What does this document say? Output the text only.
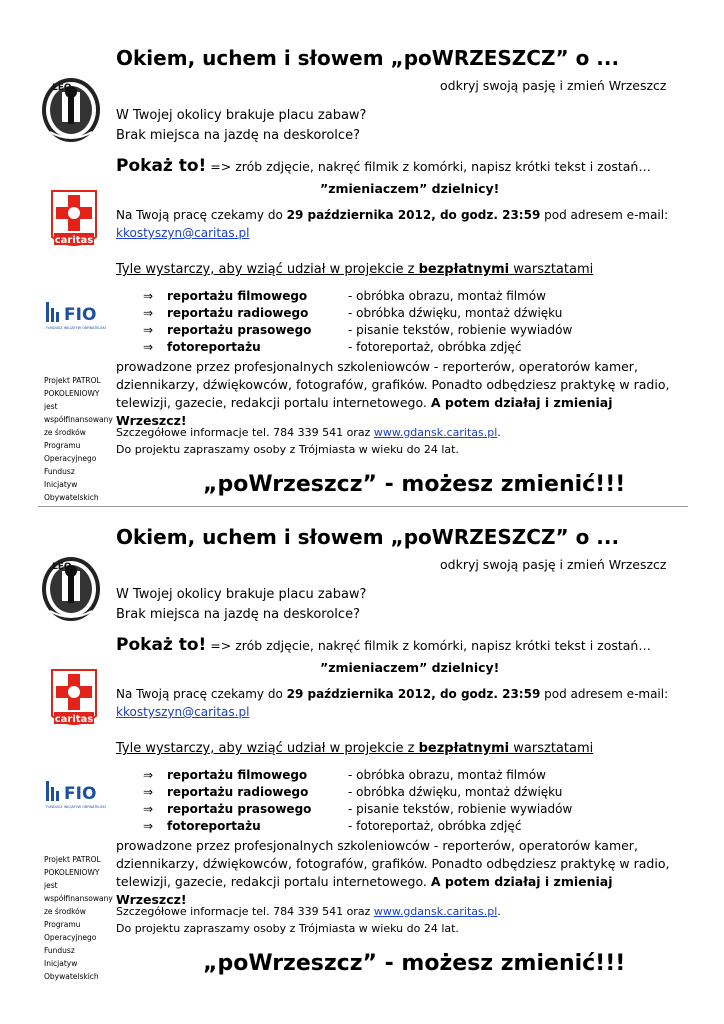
Okiem, uchem i słowem „poWRZESZCZ” o ...
odkryj swoją pasję i zmień Wrzeszcz
LEO
W Twojej okolicy brakuje placu zabaw?
Brak miejsca na jazdę na deskorolce?
Pokaż to! => zrób zdjęcie, nakręć filmik z komórki, napisz krótki tekst i zostań…
”zmieniaczem” dzielnicy!
caritas
Na Twoją pracę czekamy do 29 października 2012, do godz. 23:59 pod adresem e-mail:
kkostyszyn@caritas.pl
Tyle wystarczy, aby wziąć udział w projekcie z bezpłatnymi warsztatami
FIO
FUNDUSZ INICJATYW OBYWATELSKICH
⇒	reportażu filmowego	- obróbka obrazu, montaż filmów
⇒	reportażu radiowego	- obróbka dźwięku, montaż dźwięku
⇒	reportażu prasowego	- pisanie tekstów, robienie wywiadów
⇒	fotoreportażu	- fotoreportaż, obróbka zdjęć
Projekt PATROL POKOLENIOWY jest współfinansowany ze środków Programu Operacyjnego Fundusz Inicjatyw Obywatelskich
prowadzone przez profesjonalnych szkoleniowców - reporterów, operatorów kamer, dziennikarzy, dźwiękowców, fotografów, grafików. Ponadto odbędziesz praktykę w radio, telewizji, gazecie, redakcji portalu internetowego. A potem działaj i zmieniaj Wrzeszcz!
Szczegółowe informacje tel. 784 339 541 oraz www.gdansk.caritas.pl.
Do projektu zapraszamy osoby z Trójmiasta w wieku do 24 lat.
„poWrzeszcz” - możesz zmienić!!!
Okiem, uchem i słowem „poWRZESZCZ” o ...
odkryj swoją pasję i zmień Wrzeszcz
LEO
W Twojej okolicy brakuje placu zabaw?
Brak miejsca na jazdę na deskorolce?
Pokaż to! => zrób zdjęcie, nakręć filmik z komórki, napisz krótki tekst i zostań…
”zmieniaczem” dzielnicy!
caritas
Na Twoją pracę czekamy do 29 października 2012, do godz. 23:59 pod adresem e-mail:
kkostyszyn@caritas.pl
Tyle wystarczy, aby wziąć udział w projekcie z bezpłatnymi warsztatami
FIO
FUNDUSZ INICJATYW OBYWATELSKICH
⇒	reportażu filmowego	- obróbka obrazu, montaż filmów
⇒	reportażu radiowego	- obróbka dźwięku, montaż dźwięku
⇒	reportażu prasowego	- pisanie tekstów, robienie wywiadów
⇒	fotoreportażu	- fotoreportaż, obróbka zdjęć
Projekt PATROL POKOLENIOWY jest współfinansowany ze środków Programu Operacyjnego Fundusz Inicjatyw Obywatelskich
prowadzone przez profesjonalnych szkoleniowców - reporterów, operatorów kamer, dziennikarzy, dźwiękowców, fotografów, grafików. Ponadto odbędziesz praktykę w radio, telewizji, gazecie, redakcji portalu internetowego. A potem działaj i zmieniaj Wrzeszcz!
Szczegółowe informacje tel. 784 339 541 oraz www.gdansk.caritas.pl.
Do projektu zapraszamy osoby z Trójmiasta w wieku do 24 lat.
„poWrzeszcz” - możesz zmienić!!!
